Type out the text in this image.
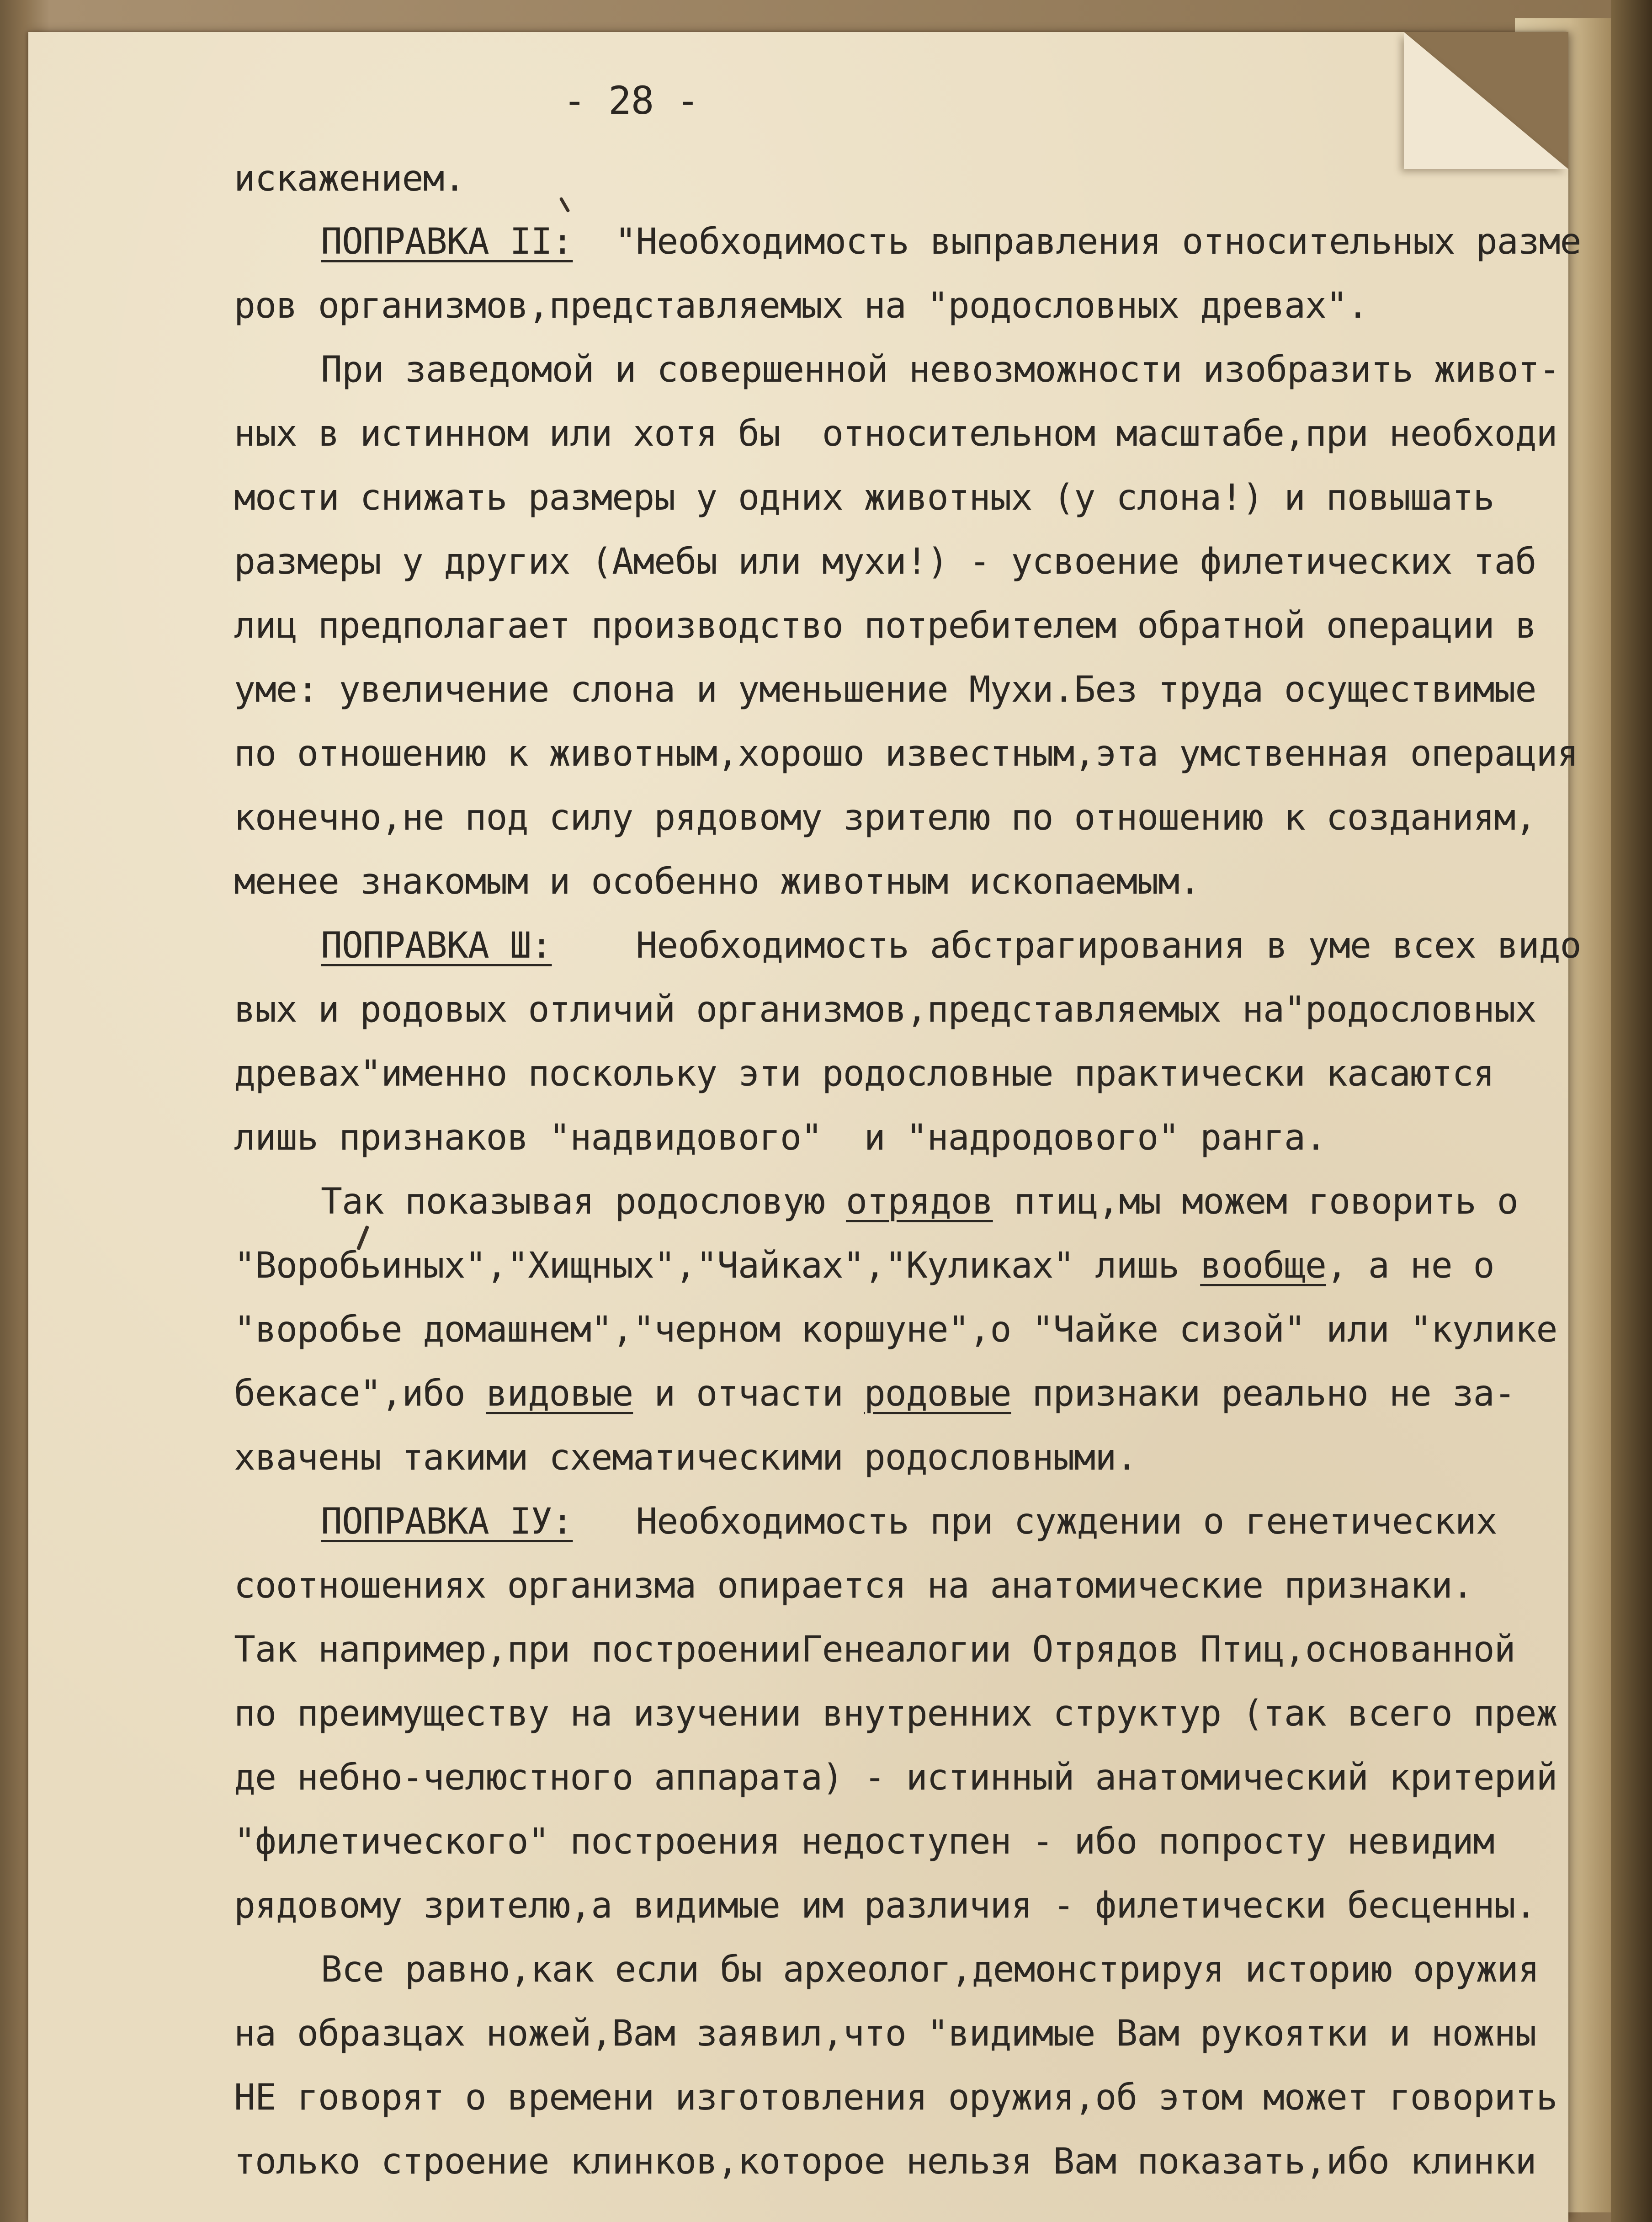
- 28 -

искажением.

ПОПРАВКА II:  "Необходимость выправления относительных разме

ров организмов,представляемых на "родословных древах".

При заведомой и совершенной невозможности изобразить живот-

ных в истинном или хотя бы  относительном масштабе,при необходи

мости снижать размеры у одних животных (у слона!) и повышать

размеры у других (Амебы или мухи!) - усвоение филетических таб

лиц предполагает производство потребителем обратной операции в

уме: увеличение слона и уменьшение Мухи.Без труда осуществимые

по отношению к животным,хорошо известным,эта умственная операция

конечно,не под силу рядовому зрителю по отношению к созданиям,

менее знакомым и особенно животным ископаемым.

ПОПРАВКА Ш:    Необходимость абстрагирования в уме всех видо

вых и родовых отличий организмов,представляемых на"родословных

древах"именно поскольку эти родословные практически касаются

лишь признаков "надвидового"  и "надродового" ранга.

Так показывая родословую отрядов птиц,мы можем говорить о

"Воробьиных","Хищных","Чайках","Куликах" лишь вообще, а не о

"воробье домашнем","черном коршуне",о "Чайке сизой" или "кулике

бекасе",ибо видовые и отчасти родовые признаки реально не за-

хвачены такими схематическими родословными.

ПОПРАВКА IУ:   Необходимость при суждении о генетических

соотношениях организма опирается на анатомические признаки.

Так например,при построенииГенеалогии Отрядов Птиц,основанной

по преимуществу на изучении внутренних структур (так всего преж

де небно-челюстного аппарата) - истинный анатомический критерий

"филетического" построения недоступен - ибо попросту невидим

рядовому зрителю,а видимые им различия - филетически бесценны.

Все равно,как если бы археолог,демонстрируя историю оружия

на образцах ножей,Вам заявил,что "видимые Вам рукоятки и ножны

НЕ говорят о времени изготовления оружия,об этом может говорить

только строение клинков,которое нельзя Вам показать,ибо клинки
